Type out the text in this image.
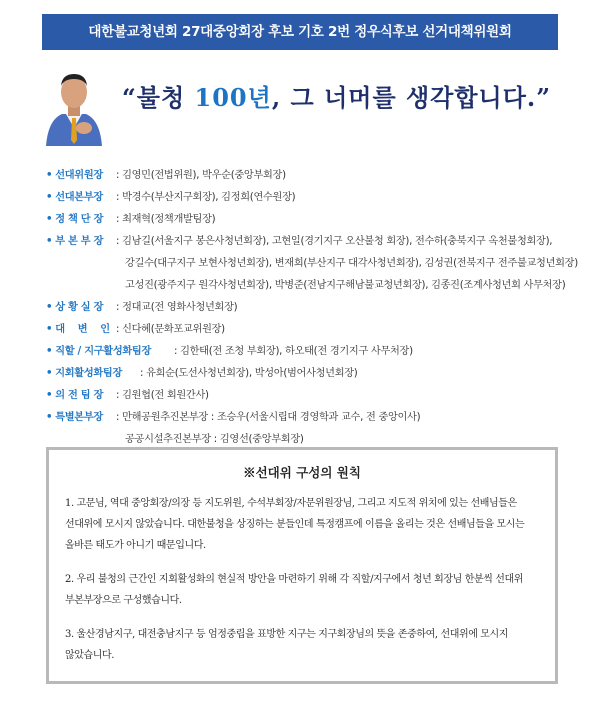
대한불교청년회 27대중앙회장 후보 기호 2번 정우식후보 선거대책위원회
“불청 100년, 그 너머를 생각합니다.”
• 선대위원장 : 김영민(전법위원), 박우순(중앙부회장)
• 선대본부장 : 박경수(부산지구회장), 김정희(연수원장)
• 정 책 단 장 : 최재혁(정책개발팀장)
• 부 본 부 장 : 김남길(서울지구 봉은사청년회장), 고현일(경기지구 오산불청 회장), 전수하(충북지구 옥천불청회장),
강길수(대구지구 보현사청년회장), 변재희(부산지구 대각사청년회장), 김성권(전북지구 전주불교청년회장)
고성진(광주지구 원각사청년회장), 박병준(전남지구해남불교청년회장), 김종진(조계사청년회 사무처장)
• 상 황 실 장 : 정대교(전 영화사청년회장)
• 대    변    인 : 신다혜(문화포교위원장)
• 직할 / 지구활성화팀장 : 김한태(전 조청 부회장), 하오태(전 경기지구 사무처장)
• 지회활성화팀장 : 유희순(도선사청년회장), 박성아(범어사청년회장)
• 의 전 팀 장 : 김원협(전 회원간사)
• 특별본부장 : 만해공원추진본부장 : 조승우(서울시립대 경영학과 교수, 전 중앙이사)
공공시설추진본부장 : 김영선(중앙부회장)
※선대위 구성의 원칙
1. 고문님, 역대 중앙회장/의장 등 지도위원, 수석부회장/자문위원장님, 그리고 지도적 위치에 있는 선배님들은 선대위에 모시지 않았습니다. 대한불청을 상징하는 분들인데 특정캠프에 이름을 올리는 것은 선배님들을 모시는 올바른 태도가 아니기 때문입니다.
2. 우리 불청의 근간인 지회활성화의 현실적 방안을 마련하기 위해 각 직할/지구에서 청년 회장님 한분씩 선대위 부본부장으로 구성했습니다.
3. 울산경남지구, 대전충남지구 등 엄정중립을 표방한 지구는 지구회장님의 뜻을 존중하여, 선대위에 모시지 않았습니다.
